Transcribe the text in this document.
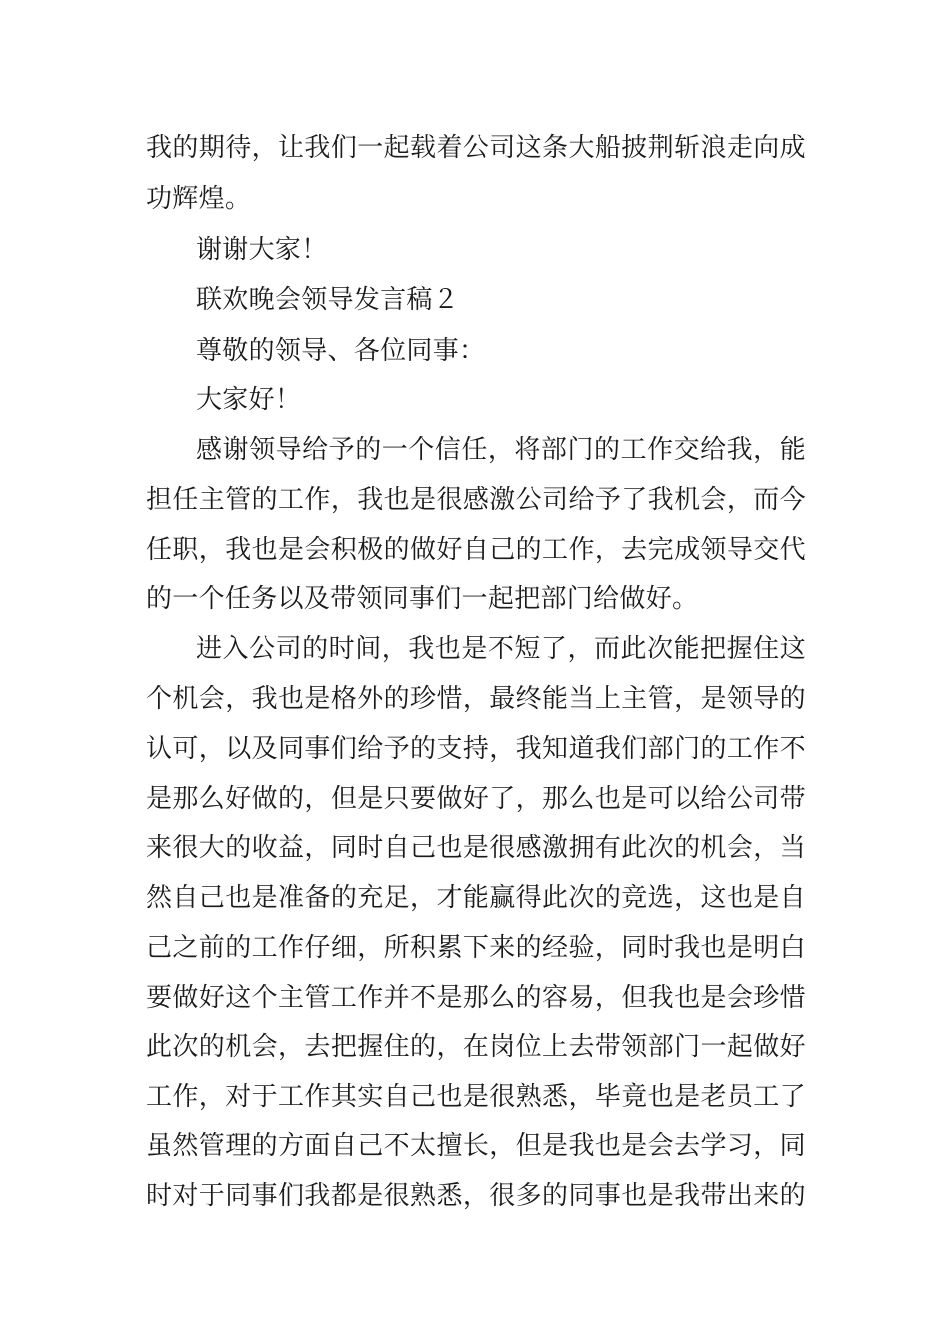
我的期待，让我们一起载着公司这条大船披荆斩浪走向成
功辉煌。
谢谢大家！
联欢晚会领导发言稿２
尊敬的领导、各位同事：
大家好！
感谢领导给予的一个信任，将部门的工作交给我，能
担任主管的工作，我也是很感激公司给予了我机会，而今
任职，我也是会积极的做好自己的工作，去完成领导交代
的一个任务以及带领同事们一起把部门给做好。
进入公司的时间，我也是不短了，而此次能把握住这
个机会，我也是格外的珍惜，最终能当上主管，是领导的
认可，以及同事们给予的支持，我知道我们部门的工作不
是那么好做的，但是只要做好了，那么也是可以给公司带
来很大的收益，同时自己也是很感激拥有此次的机会，当
然自己也是准备的充足，才能赢得此次的竞选，这也是自
己之前的工作仔细，所积累下来的经验，同时我也是明白
要做好这个主管工作并不是那么的容易，但我也是会珍惜
此次的机会，去把握住的，在岗位上去带领部门一起做好
工作，对于工作其实自己也是很熟悉，毕竟也是老员工了
虽然管理的方面自己不太擅长，但是我也是会去学习，同
时对于同事们我都是很熟悉，很多的同事也是我带出来的
